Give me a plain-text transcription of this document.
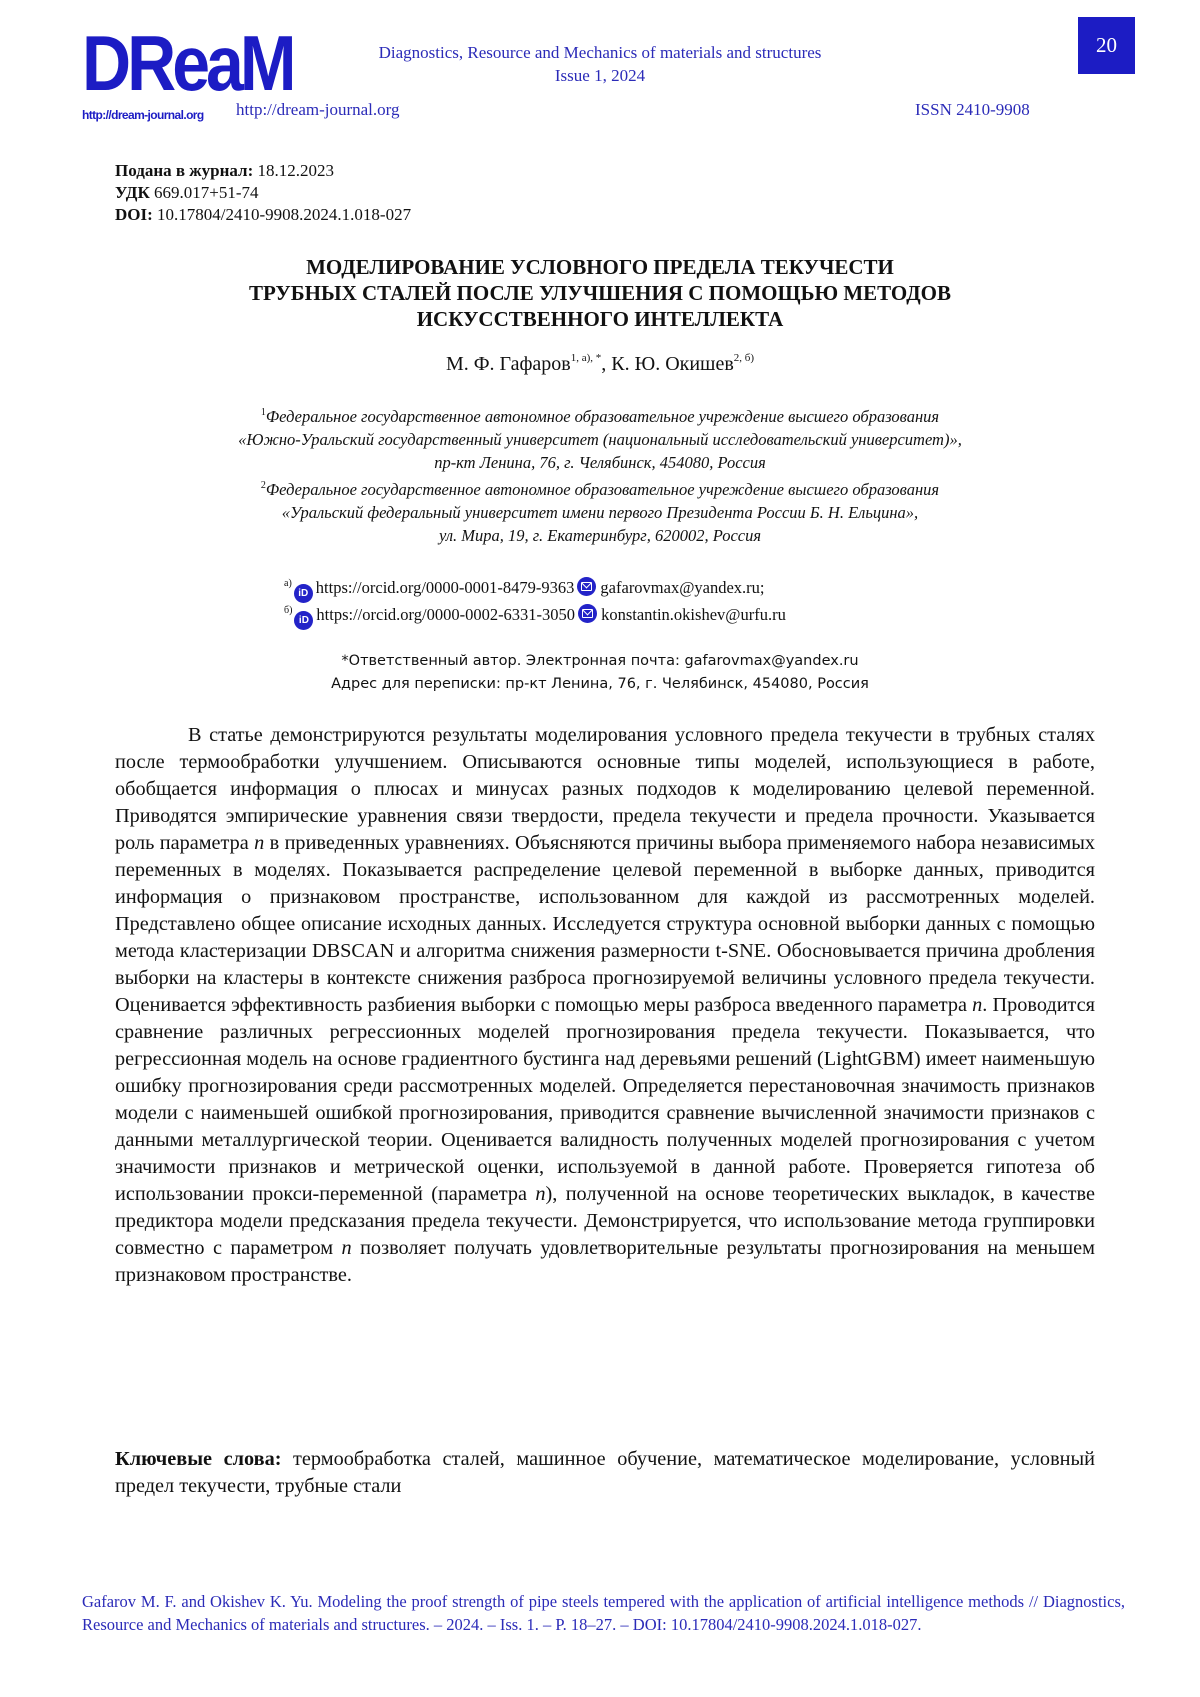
DReaM
http://dream-journal.org
Diagnostics, Resource and Mechanics of materials and structures
Issue 1, 2024
20
http://dream-journal.org	ISSN 2410-9908
Подана в журнал: 18.12.2023
УДК 669.017+51-74
DOI: 10.17804/2410-9908.2024.1.018-027
МОДЕЛИРОВАНИЕ УСЛОВНОГО ПРЕДЕЛА ТЕКУЧЕСТИ
ТРУБНЫХ СТАЛЕЙ ПОСЛЕ УЛУЧШЕНИЯ С ПОМОЩЬЮ МЕТОДОВ
ИСКУССТВЕННОГО ИНТЕЛЛЕКТА
М. Ф. Гафаров$^{1, а), *}$, К. Ю. Окишев$^{2, б)}$
$^1$Федеральное государственное автономное образовательное учреждение высшего образования
«Южно-Уральский государственный университет (национальный исследовательский университет)»,
пр-кт Ленина, 76, г. Челябинск, 454080, Россия
$^2$Федеральное государственное автономное образовательное учреждение высшего образования
«Уральский федеральный университет имени первого Президента России Б. Н. Ельцина»,
ул. Мира, 19, г. Екатеринбург, 620002, Россия
$^{а)}$iD https://orcid.org/0000-0001-8479-9363 gafarovmax@yandex.ru;
$^{б)}$iD https://orcid.org/0000-0002-6331-3050 konstantin.okishev@urfu.ru
*Ответственный автор. Электронная почта: gafarovmax@yandex.ru
Адрес для переписки: пр-кт Ленина, 76, г. Челябинск, 454080, Россия

В статье демонстрируются результаты моделирования условного предела текучести в трубных сталях после термообработки улучшением. Описываются основные типы моделей, использующиеся в работе, обобщается информация о плюсах и минусах разных подходов к моделированию целевой переменной. Приводятся эмпирические уравнения связи твердости, предела текучести и предела прочности. Указывается роль параметра n в приведенных уравнениях. Объясняются причины выбора применяемого набора независимых переменных в моделях. Показывается распределение целевой переменной в выборке данных, приводится информация о признаковом пространстве, использованном для каждой из рассмотренных моделей. Представлено общее описание исходных данных. Исследуется структура основной выборки данных с помощью метода кластеризации DBSCAN и алгоритма снижения размерности t-SNE. Обосновывается причина дробления выборки на кластеры в контексте снижения разброса прогнозируемой величины условного предела текучести. Оценивается эффективность разбиения выборки с помощью меры разброса введенного параметра n. Проводится сравнение различных регрессионных моделей прогнозирования предела текучести. Показывается, что регрессионная модель на основе градиентного бустинга над деревьями решений (LightGBM) имеет наименьшую ошибку прогнозирования среди рассмотренных моделей. Определяется перестановочная значимость признаков модели с наименьшей ошибкой прогнозирования, приводится сравнение вычисленной значимости признаков с данными металлургической теории. Оценивается валидность полученных моделей прогнозирования с учетом значимости признаков и метрической оценки, используемой в данной работе. Проверяется гипотеза об использовании прокси-переменной (параметра n), полученной на основе теоретических выкладок, в качестве предиктора модели предсказания предела текучести. Демонстрируется, что использование метода группировки совместно с параметром n позволяет получать удовлетворительные результаты прогнозирования на меньшем признаковом пространстве.

Ключевые слова: термообработка сталей, машинное обучение, математическое моделирование, условный предел текучести, трубные стали
Gafarov M. F. and Okishev K. Yu. Modeling the proof strength of pipe steels tempered with the application of artificial intelligence methods // Diagnostics, Resource and Mechanics of materials and structures. – 2024. – Iss. 1. – P. 18–27. – DOI: 10.17804/2410-9908.2024.1.018-027.
